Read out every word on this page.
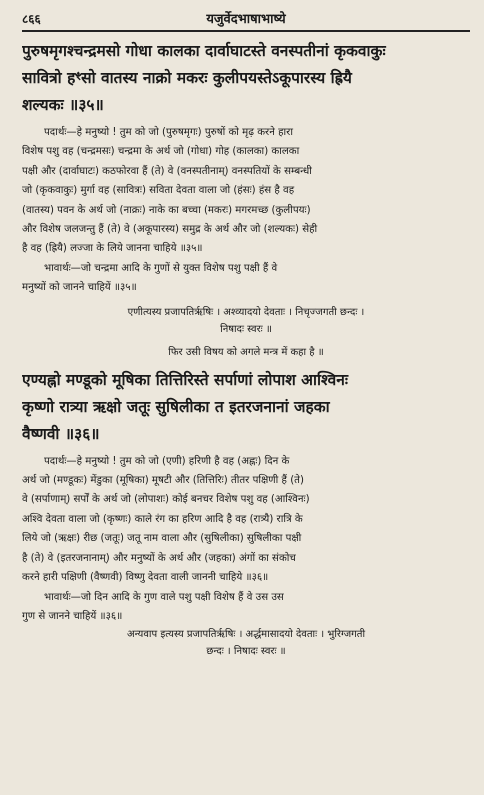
८६६	यजुर्वेदभाषाभाष्ये
पुरुषमृगश्चन्द्रमसो गोधा कालका दार्वाघाटस्ते वनस्पतीनां कृकवाकुः
सावित्रो हꣳसो वातस्य नाक्रो मकरः कुलीपयस्तेऽकूपारस्य ह्रियै
शल्यकः ॥३५॥
पदार्थः—हे मनुष्यो ! तुम को जो (पुरुषमृगः) पुरुषों को मृढ़ करने हारा
विशेष पशु वह (चन्द्रमसः) चन्द्रमा के अर्थ जो (गोधा) गोह (कालका) कालका
पक्षी और (दार्वाघाटः) कठफोरवा हैं (ते) वे (वनस्पतीनाम्) वनस्पतियों के सम्बन्धी
जो (कृकवाकुः) मुर्गा वह (सावित्रः) सविता देवता वाला जो (हंसः) हंस है वह
(वातस्य) पवन के अर्थ जो (नाक्रः) नाके का बच्चा (मकरः) मगरमच्छ (कुलीपयः)
और विशेष जलजन्तु हैं (ते) वे (अकूपारस्य) समुद्र के अर्थ और जो (शल्यकः) सेही
है वह (ह्रियै) लज्जा के लिये जानना चाहिये ॥३५॥
भावार्थः—जो चन्द्रमा आदि के गुणों से युक्त विशेष पशु पक्षी हैं वे
मनुष्यों को जानने चाहियें ॥३५॥
एणीत्यस्य प्रजापतिर्ऋषिः । अश्व्यादयो देवताः । निचृज्जगती छन्दः ।
निषादः स्वरः ॥
फिर उसी विषय को अगले मन्त्र में कहा है ॥
एण्यह्नो मण्डूको मूषिका तित्तिरिस्ते सर्पाणां लोपाश आश्विनः
कृष्णो रात्र्या ऋक्षो जतूः सुषिलीका त इतरजनानां जहका
वैष्णवी ॥३६॥
पदार्थः—हे मनुष्यो ! तुम को जो (एणी) हरिणी है वह (अह्नः) दिन के
अर्थ जो (मण्डूकः) मेंडुका (मूषिका) मूषटी और (तित्तिरिः) तीतर पक्षिणी हैं (ते)
वे (सर्पाणाम्) सर्पों के अर्थ जो (लोपाशः) कोई बनचर विशेष पशु वह (आश्विनः)
अश्वि देवता वाला जो (कृष्णः) काले रंग का हरिण आदि है वह (रात्र्यै) रात्रि के
लिये जो (ऋक्षः) रीछ (जतूः) जतू नाम वाला और (सुषिलीका) सुषिलीका पक्षी
है (ते) वे (इतरजनानाम्) और मनुष्यों के अर्थ और (जहका) अंगों का संकोच
करने हारी पक्षिणी (वैष्णवी) विष्णु देवता वाली जाननी चाहिये ॥३६॥
भावार्थः—जो दिन आदि के गुण वाले पशु पक्षी विशेष हैं वे उस उस
गुण से जानने चाहियें ॥३६॥
अन्यवाप इत्यस्य प्रजापतिर्ऋषिः । अर्द्धमासादयो देवताः । भुरिग्जगती
छन्दः । निषादः स्वरः ॥
